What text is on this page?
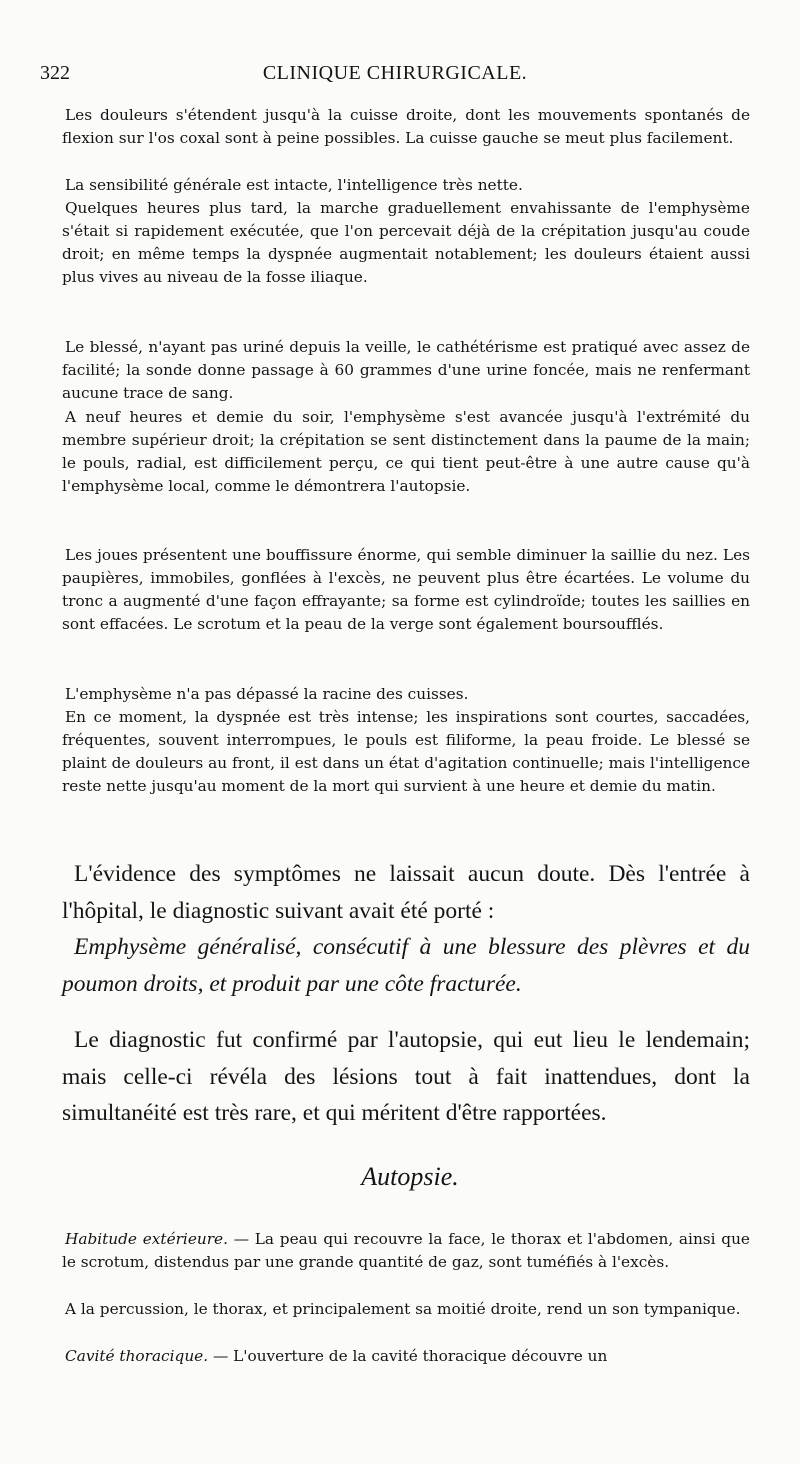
322	CLINIQUE CHIRURGICALE.

Les douleurs s'étendent jusqu'à la cuisse droite, dont les mouvements spontanés de flexion sur l'os coxal sont à peine possibles. La cuisse gauche se meut plus facilement.

La sensibilité générale est intacte, l'intelligence très nette.

Quelques heures plus tard, la marche graduellement envahissante de l'emphysème s'était si rapidement exécutée, que l'on percevait déjà de la crépitation jusqu'au coude droit; en même temps la dyspnée augmentait notablement; les douleurs étaient aussi plus vives au niveau de la fosse iliaque.

Le blessé, n'ayant pas uriné depuis la veille, le cathétérisme est pratiqué avec assez de facilité; la sonde donne passage à 60 grammes d'une urine foncée, mais ne renfermant aucune trace de sang.

A neuf heures et demie du soir, l'emphysème s'est avancée jusqu'à l'extrémité du membre supérieur droit; la crépitation se sent distinctement dans la paume de la main; le pouls, radial, est difficilement perçu, ce qui tient peut-être à une autre cause qu'à l'emphysème local, comme le démontrera l'autopsie.

Les joues présentent une bouffissure énorme, qui semble diminuer la saillie du nez. Les paupières, immobiles, gonflées à l'excès, ne peuvent plus être écartées. Le volume du tronc a augmenté d'une façon effrayante; sa forme est cylindroïde; toutes les saillies en sont effacées. Le scrotum et la peau de la verge sont également boursoufflés.

L'emphysème n'a pas dépassé la racine des cuisses.

En ce moment, la dyspnée est très intense; les inspirations sont courtes, saccadées, fréquentes, souvent interrompues, le pouls est filiforme, la peau froide. Le blessé se plaint de douleurs au front, il est dans un état d'agitation continuelle; mais l'intelligence reste nette jusqu'au moment de la mort qui survient à une heure et demie du matin.

L'évidence des symptômes ne laissait aucun doute. Dès l'entrée à l'hôpital, le diagnostic suivant avait été porté :

Emphysème généralisé, consécutif à une blessure des plèvres et du poumon droits, et produit par une côte fracturée.

Le diagnostic fut confirmé par l'autopsie, qui eut lieu le lendemain; mais celle-ci révéla des lésions tout à fait inattendues, dont la simultanéité est très rare, et qui méritent d'être rapportées.

Autopsie.

Habitude extérieure. — La peau qui recouvre la face, le thorax et l'abdomen, ainsi que le scrotum, distendus par une grande quantité de gaz, sont tuméfiés à l'excès.

A la percussion, le thorax, et principalement sa moitié droite, rend un son tympanique.

Cavité thoracique. — L'ouverture de la cavité thoracique découvre un
